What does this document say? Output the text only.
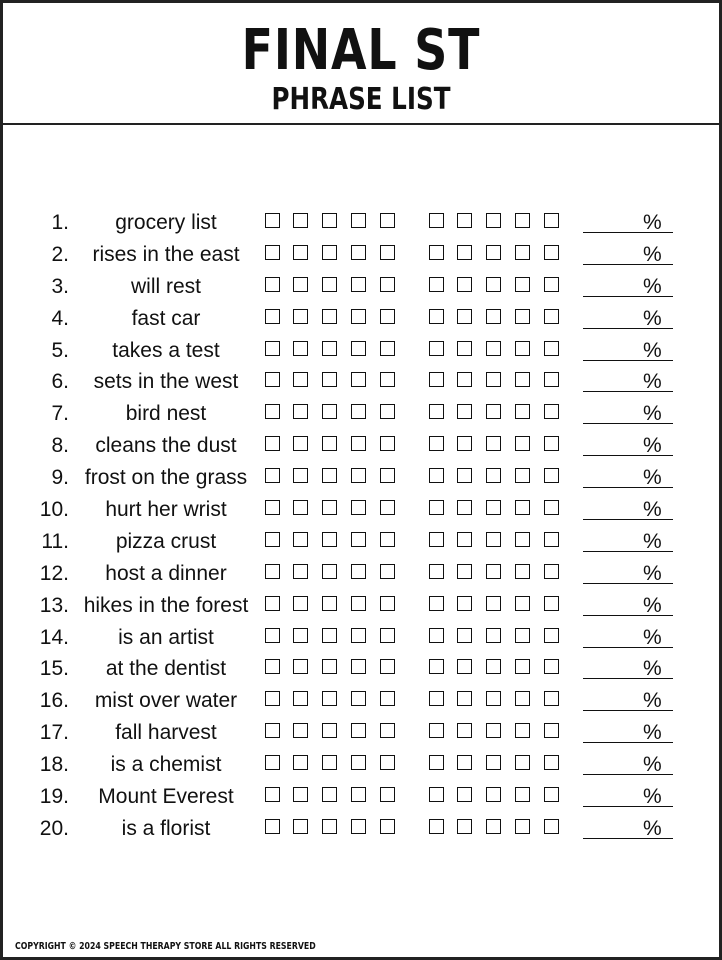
FINAL ST
PHRASE LIST
1.	grocery list	%
2.	rises in the east	%
3.	will rest	%
4.	fast car	%
5.	takes a test	%
6.	sets in the west	%
7.	bird nest	%
8.	cleans the dust	%
9. frost on the grass	%
10.	hurt her wrist	%
11.	pizza crust	%
12.	host a dinner	%
13. hikes in the forest	%
14.	is an artist	%
15.	at the dentist	%
16.	mist over water	%
17.	fall harvest	%
18.	is a chemist	%
19.	Mount Everest	%
20.	is a florist	%
COPYRIGHT © 2024 SPEECH THERAPY STORE ALL RIGHTS RESERVED
